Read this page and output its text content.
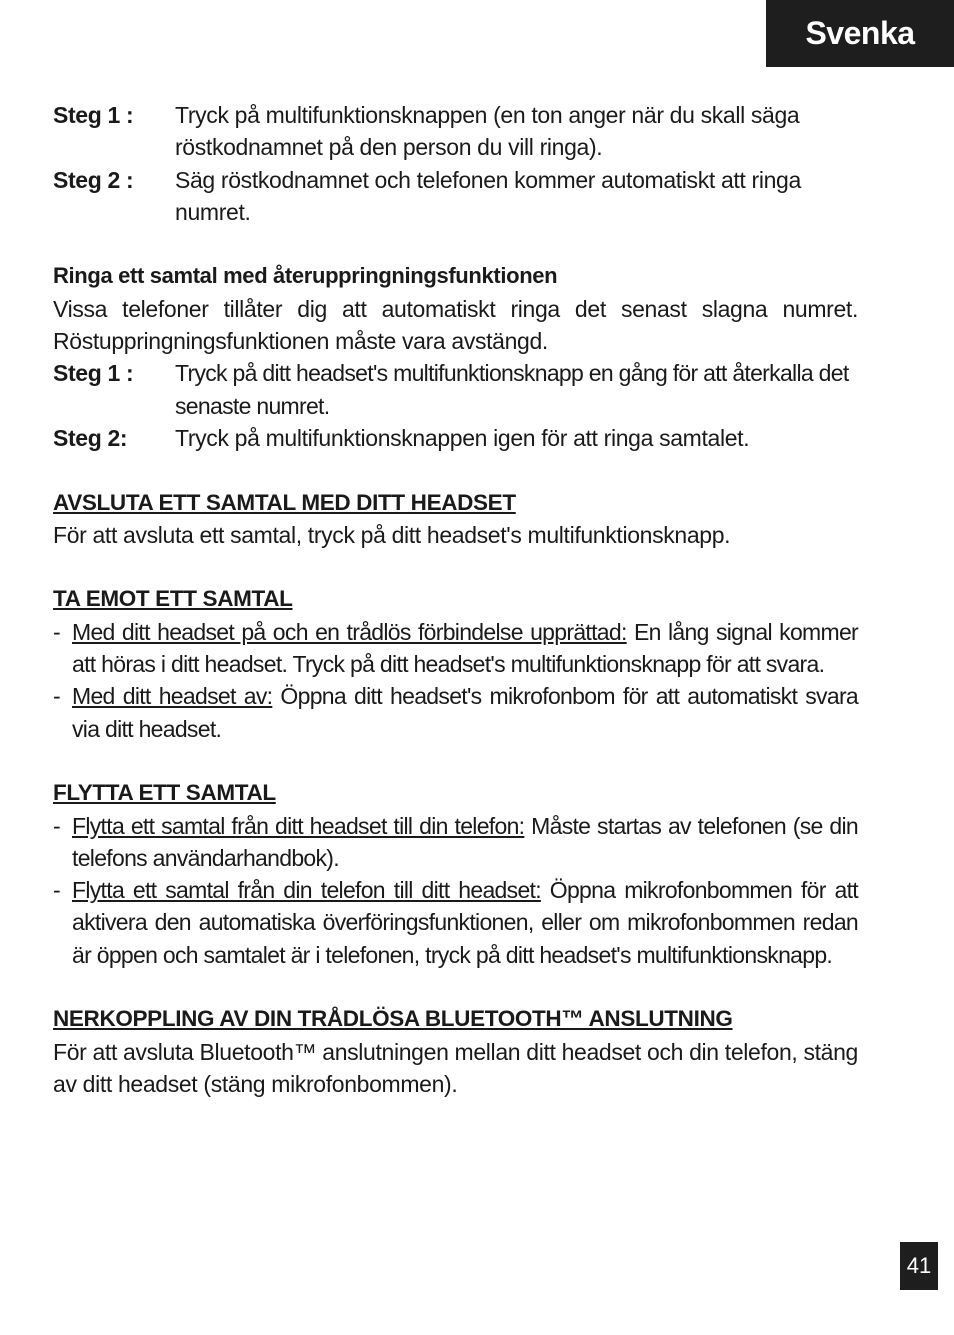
Svenka
Steg 1 :	Tryck på multifunktionsknappen (en ton anger när du skall säga röstkodnamnet på den person du vill ringa).
Steg 2 :	Säg röstkodnamnet och telefonen kommer automatiskt att ringa numret.
Ringa ett samtal med återuppringningsfunktionen
Vissa telefoner tillåter dig att automatiskt ringa det senast slagna numret. Röstuppringningsfunktionen måste vara avstängd.
Steg 1 :	Tryck på ditt headset's multifunktionsknapp en gång för att återkalla det senaste numret.
Steg 2:	Tryck på multifunktionsknappen igen för att ringa samtalet.
AVSLUTA ETT SAMTAL MED DITT HEADSET
För att avsluta ett samtal, tryck på ditt headset's multifunktionsknapp.
TA EMOT ETT SAMTAL
- Med ditt headset på och en trådlös förbindelse upprättad: En lång signal kommer att höras i ditt headset. Tryck på ditt headset's multifunktionsknapp för att svara.
- Med ditt headset av: Öppna ditt headset's mikrofonbom för att automatiskt svara via ditt headset.
FLYTTA ETT SAMTAL
- Flytta ett samtal från ditt headset till din telefon: Måste startas av telefonen (se din telefons användarhandbok).
- Flytta ett samtal från din telefon till ditt headset: Öppna mikrofonbommen för att aktivera den automatiska överföringsfunktionen, eller om mikrofonbommen redan är öppen och samtalet är i telefonen, tryck på ditt headset's multifunktionsknapp.
NERKOPPLING AV DIN TRÅDLÖSA BLUETOOTH™ ANSLUTNING
För att avsluta Bluetooth™ anslutningen mellan ditt headset och din telefon, stäng av ditt headset (stäng mikrofonbommen).
41
